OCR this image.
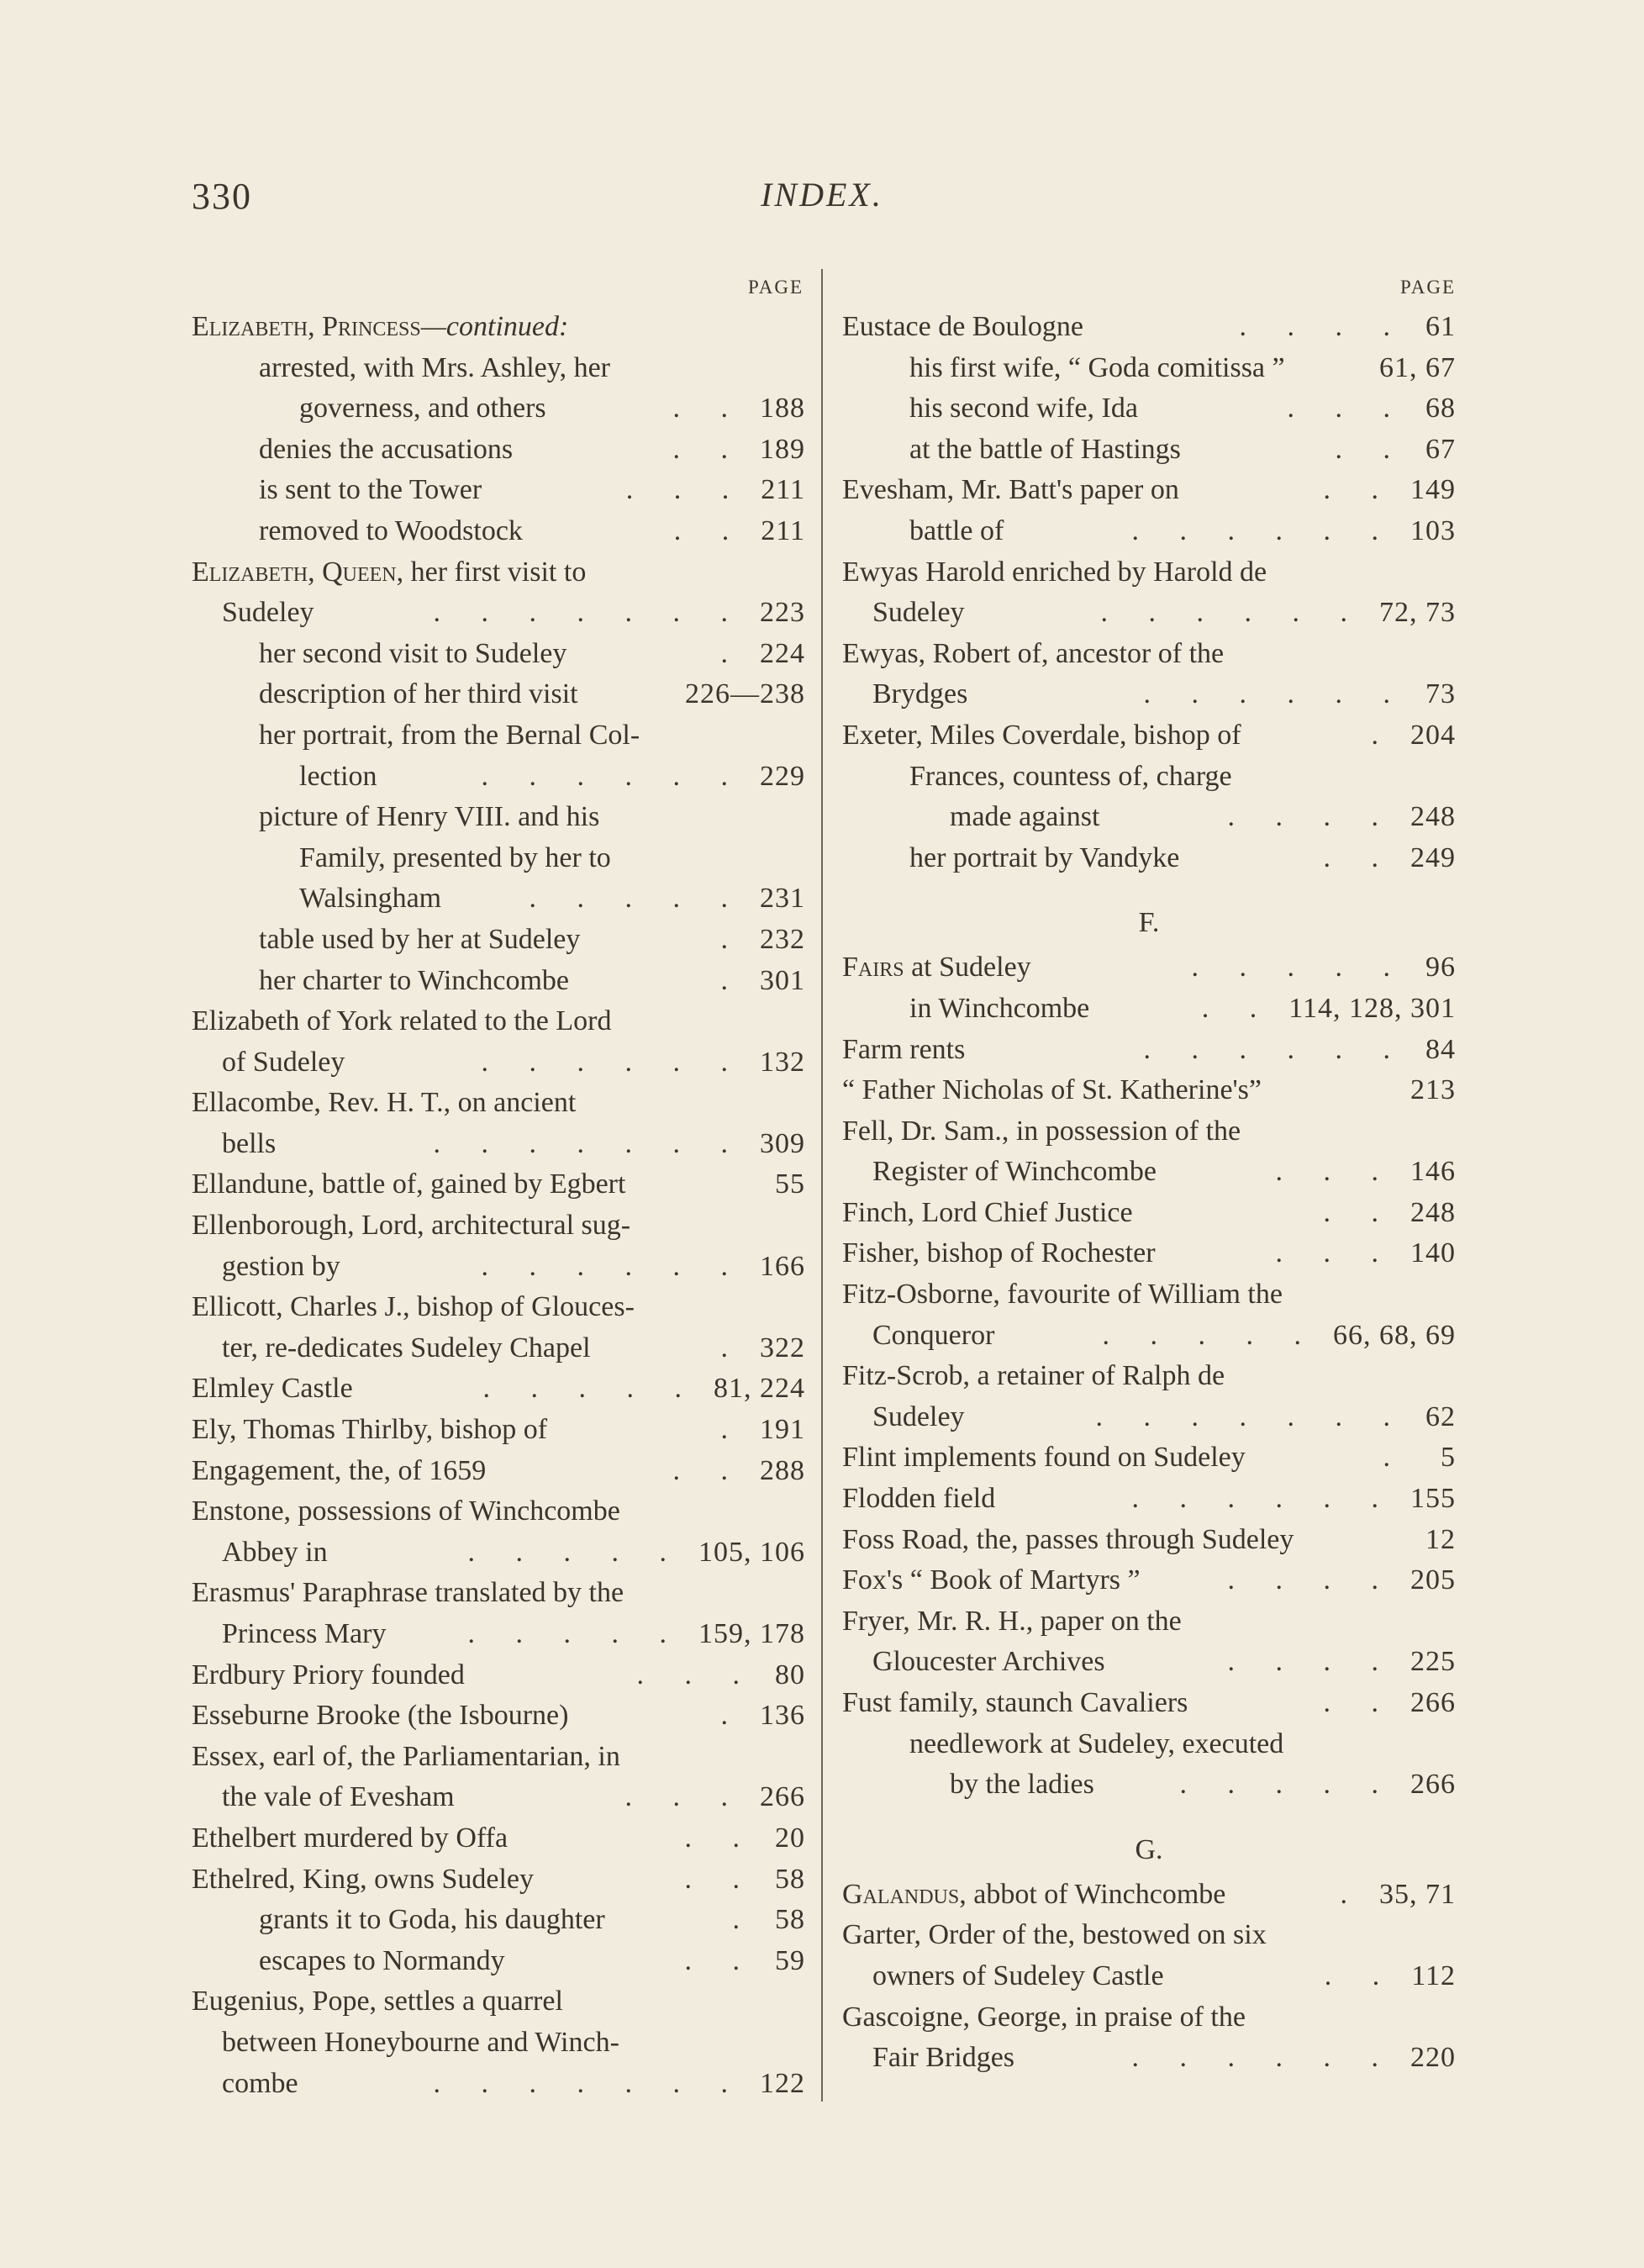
330	INDEX.
PAGE
Elizabeth, Princess—continued:
arrested, with Mrs. Ashley, her
governess, and others	. . 188
denies the accusations	. . 189
is sent to the Tower	. . . 211
removed to Woodstock	. . 211
Elizabeth, Queen, her first visit to
Sudeley	. . . . . . . 223
her second visit to Sudeley	. 224
description of her third visit	226—238
her portrait, from the Bernal Col-
lection	. . . . . . 229
picture of Henry VIII. and his
Family, presented by her to
Walsingham	. . . . . 231
table used by her at Sudeley	. 232
her charter to Winchcombe	. 301
Elizabeth of York related to the Lord
of Sudeley	. . . . . . 132
Ellacombe, Rev. H. T., on ancient
bells	. . . . . . . 309
Ellandune, battle of, gained by Egbert	55
Ellenborough, Lord, architectural sug-
gestion by	. . . . . . 166
Ellicott, Charles J., bishop of Glouces-
ter, re-dedicates Sudeley Chapel	. 322
Elmley Castle	. . . . . 81, 224
Ely, Thomas Thirlby, bishop of	. 191
Engagement, the, of 1659	. . 288
Enstone, possessions of Winchcombe
Abbey in	. . . . . 105, 106
Erasmus' Paraphrase translated by the
Princess Mary	. . . . . 159, 178
Erdbury Priory founded	. . . 80
Esseburne Brooke (the Isbourne)	. 136
Essex, earl of, the Parliamentarian, in
the vale of Evesham	. . . 266
Ethelbert murdered by Offa	. . 20
Ethelred, King, owns Sudeley	. . 58
grants it to Goda, his daughter	. 58
escapes to Normandy	. . 59
Eugenius, Pope, settles a quarrel
between Honeybourne and Winch-
combe	. . . . . . . 122
PAGE
Eustace de Boulogne	. . . . 61
his first wife, “ Goda comitissa ”	61, 67
his second wife, Ida	. . . 68
at the battle of Hastings	. . 67
Evesham, Mr. Batt's paper on	. . 149
battle of	. . . . . . 103
Ewyas Harold enriched by Harold de
Sudeley	. . . . . . 72, 73
Ewyas, Robert of, ancestor of the
Brydges	. . . . . . 73
Exeter, Miles Coverdale, bishop of	. 204
Frances, countess of, charge
made against	. . . . 248
her portrait by Vandyke	. . 249
F.
Fairs at Sudeley	. . . . . 96
in Winchcombe	. . 114, 128, 301
Farm rents	. . . . . . 84
“ Father Nicholas of St. Katherine's”	213
Fell, Dr. Sam., in possession of the
Register of Winchcombe	. . . 146
Finch, Lord Chief Justice	. . 248
Fisher, bishop of Rochester	. . . 140
Fitz-Osborne, favourite of William the
Conqueror	. . . . . 66, 68, 69
Fitz-Scrob, a retainer of Ralph de
Sudeley	. . . . . . . 62
Flint implements found on Sudeley	.	5
Flodden field	. . . . . . 155
Foss Road, the, passes through Sudeley	12
Fox's “ Book of Martyrs ”	. . . . 205
Fryer, Mr. R. H., paper on the
Gloucester Archives	. . . . 225
Fust family, staunch Cavaliers	. . 266
needlework at Sudeley, executed
by the ladies	. . . . . 266
G.
Galandus, abbot of Winchcombe	. 35, 71
Garter, Order of the, bestowed on six
owners of Sudeley Castle	. . 112
Gascoigne, George, in praise of the
Fair Bridges	. . . . . . 220
